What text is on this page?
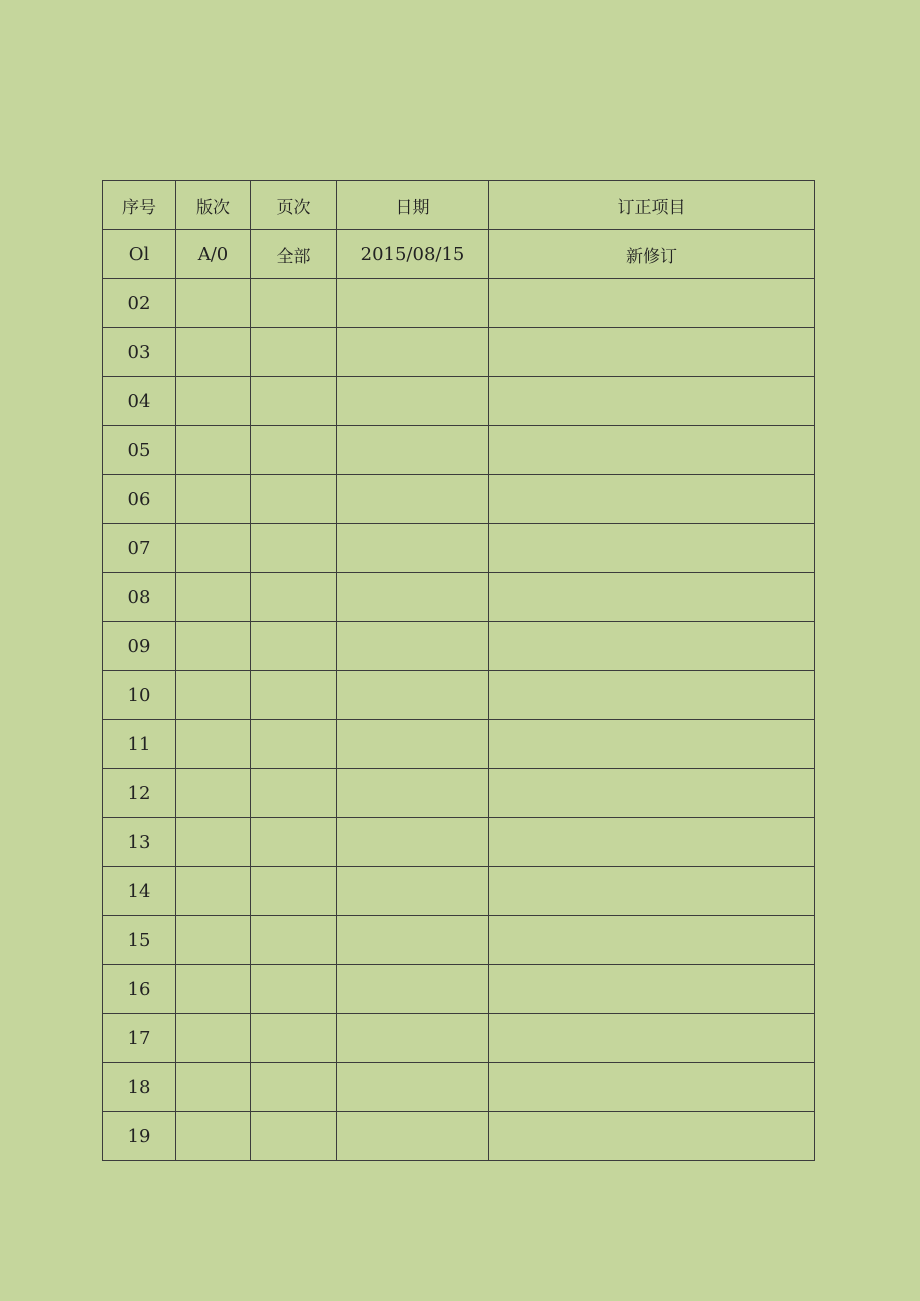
序号	版次	页次	日期	订正项目
Ol	A/0	全部	2015/08/15	新修订
02				
03				
04				
05				
06				
07				
08				
09				
10				
11				
12				
13				
14				
15				
16				
17				
18				
19				
